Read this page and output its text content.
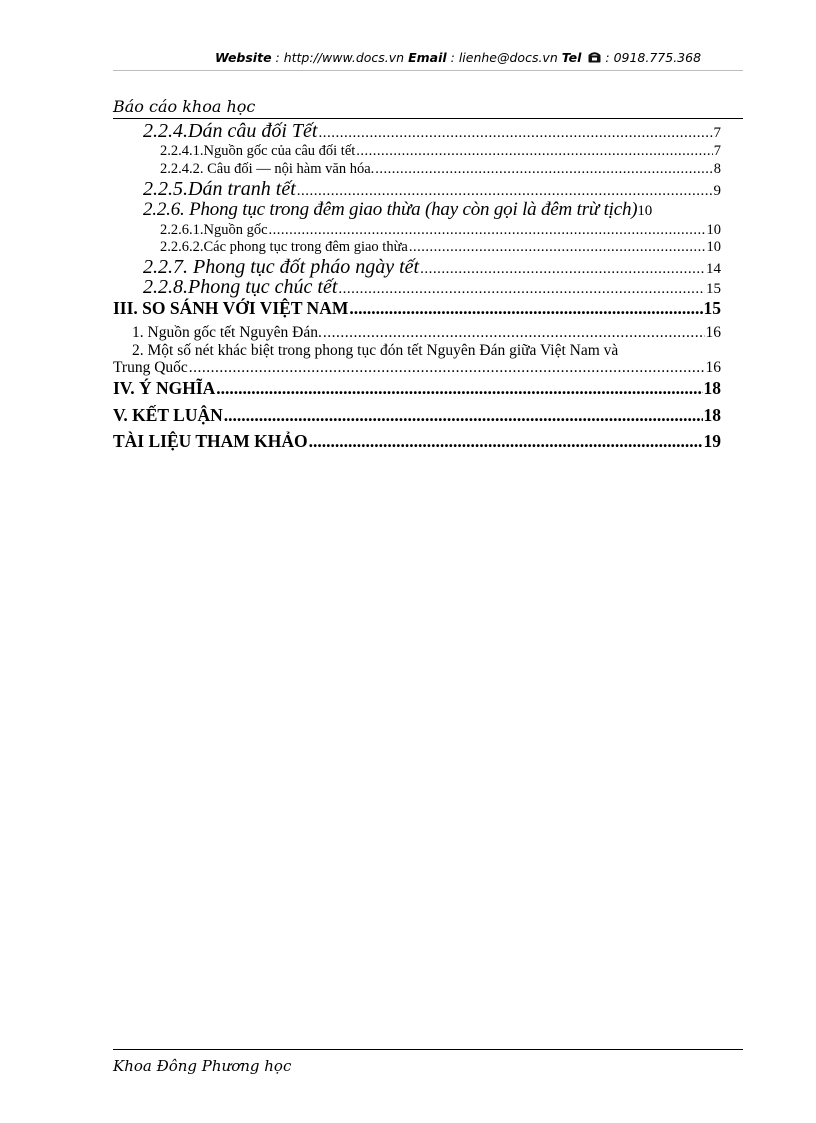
Website : http://www.docs.vn Email : lienhe@docs.vn Tel  : 0918.775.368
Báo cáo khoa học
2.2.4.Dán câu đối Tết .....	7
2.2.4.1.Nguồn gốc của câu đối tết .....	7
2.2.4.2. Câu đối — nội hàm văn hóa. .....	8
2.2.5.Dán tranh tết .....	9
2.2.6. Phong tục trong đêm giao thừa (hay còn gọi là đêm trừ tịch) 10
2.2.6.1.Nguồn gốc .....	10
2.2.6.2.Các phong tục trong đêm giao thừa .....	10
2.2.7. Phong tục đốt pháo ngày tết .....	14
2.2.8.Phong tục chúc tết .....	15
III. SO SÁNH VỚI VIỆT NAM .....	15
1. Nguồn gốc tết Nguyên Đán. .....	16
2. Một số nét khác biệt trong phong tục đón tết Nguyên Đán giữa Việt Nam và
Trung Quốc .....	16
IV. Ý NGHĨA .....	18
V. KẾT LUẬN .....	18
TÀI LIỆU THAM KHẢO .....	19
Khoa Đông Phương học
